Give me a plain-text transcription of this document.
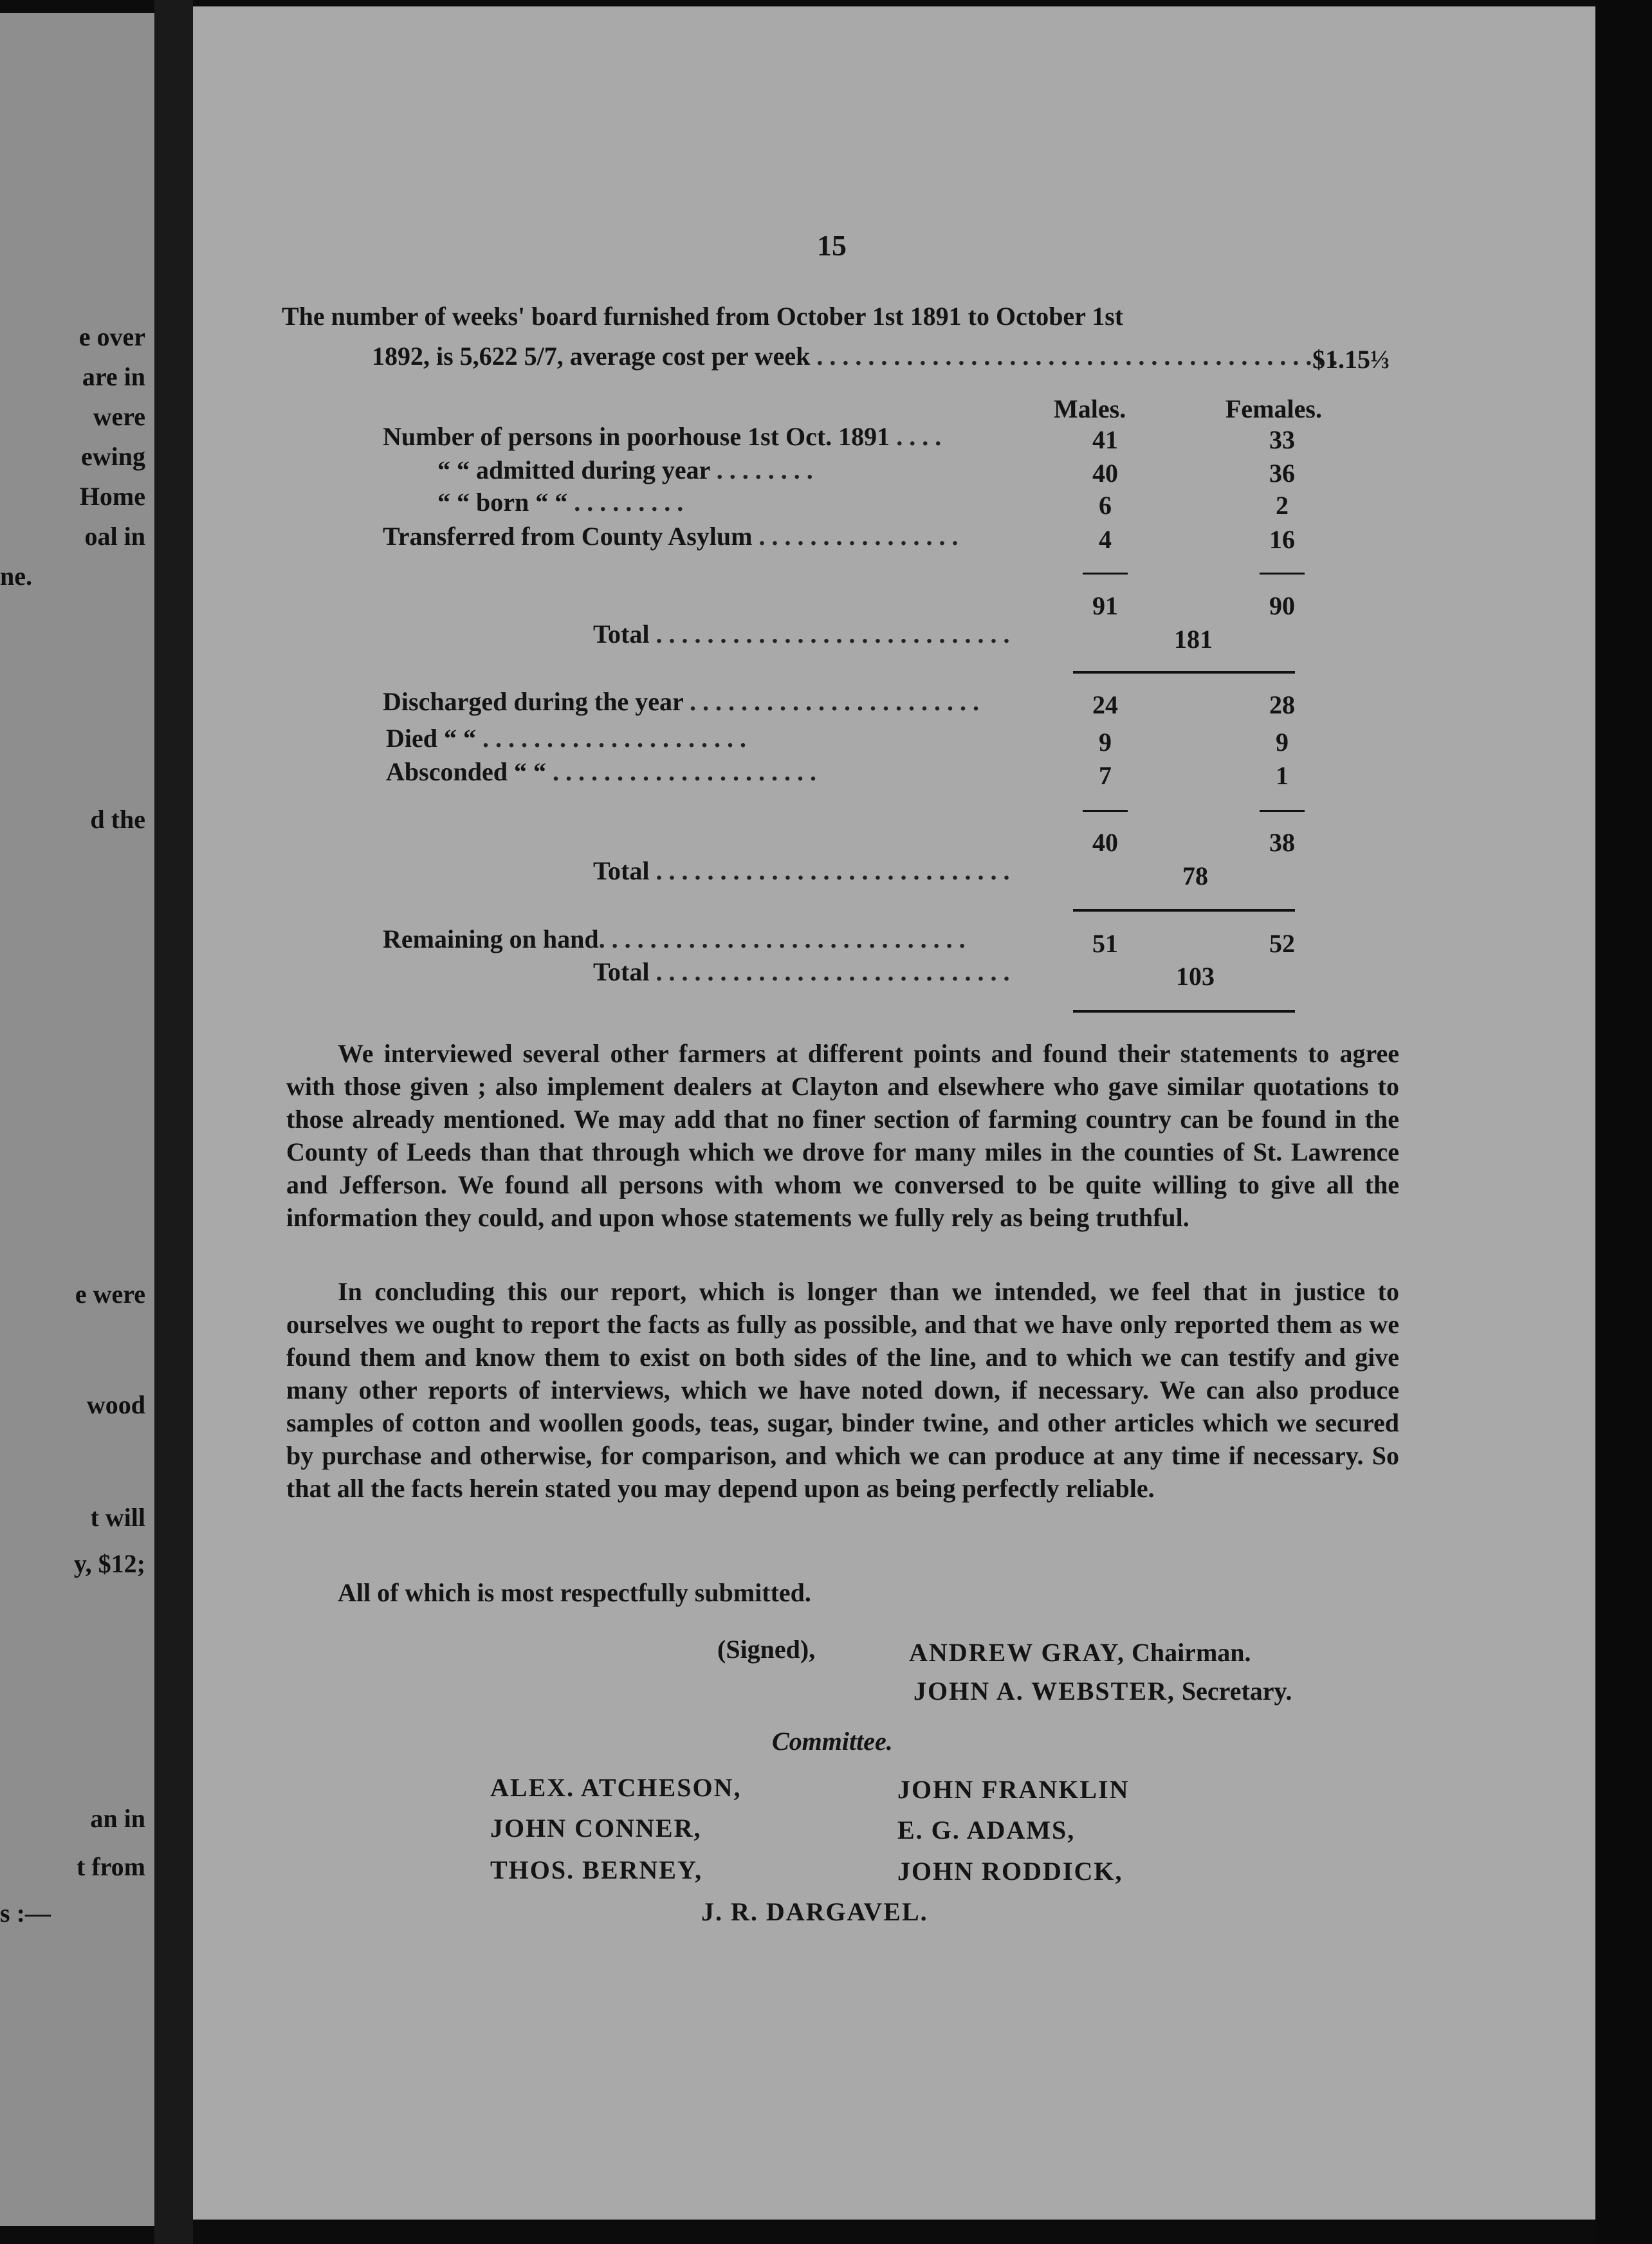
e over
are in
were
ewing
Home
oal in
ne.
d the
e were
wood
t will
y, $12;
an in
t from
s :—
15
The number of weeks' board furnished from October 1st 1891 to October 1st
1892, is 5,622 5/7, average cost per week . . . . . . . . . . . . . . . . . . . . . . . . . . . . . . . . . . . . . . . . .
$1.15⅓
Males.	Females.
Number of persons in poorhouse 1st Oct. 1891 . . . .	41	33
“ “ admitted during year . . . . . . . .	40	36
“ “ born “ “ . . . . . . . . .	6	2
Transferred from County Asylum . . . . . . . . . . . . . . . .	4	16
91	90
Total . . . . . . . . . . . . . . . . . . . . . . . . . . . .	181
Discharged during the year . . . . . . . . . . . . . . . . . . . . . . .	24	28
Died “ “ . . . . . . . . . . . . . . . . . . . . .	9	9
Absconded “ “ . . . . . . . . . . . . . . . . . . . . .	7	1
40	38
Total . . . . . . . . . . . . . . . . . . . . . . . . . . . .	78
Remaining on hand. . . . . . . . . . . . . . . . . . . . . . . . . . . . .	51	52
Total . . . . . . . . . . . . . . . . . . . . . . . . . . . .	103
We interviewed several other farmers at different points and found their statements to agree with those given ; also implement dealers at Clayton and elsewhere who gave similar quotations to those already mentioned. We may add that no finer section of farming country can be found in the County of Leeds than that through which we drove for many miles in the counties of St. Lawrence and Jefferson. We found all persons with whom we conversed to be quite willing to give all the information they could, and upon whose statements we fully rely as being truthful.
In concluding this our report, which is longer than we intended, we feel that in justice to ourselves we ought to report the facts as fully as possible, and that we have only reported them as we found them and know them to exist on both sides of the line, and to which we can testify and give many other reports of interviews, which we have noted down, if necessary. We can also produce samples of cotton and woollen goods, teas, sugar, binder twine, and other articles which we secured by purchase and otherwise, for comparison, and which we can produce at any time if necessary. So that all the facts herein stated you may depend upon as being perfectly reliable.
All of which is most respectfully submitted.
(Signed),	ANDREW GRAY, Chairman.
JOHN A. WEBSTER, Secretary.
Committee.
ALEX. ATCHESON,
JOHN CONNER,
THOS. BERNEY,
JOHN FRANKLIN
E. G. ADAMS,
JOHN RODDICK,
J. R. DARGAVEL.
